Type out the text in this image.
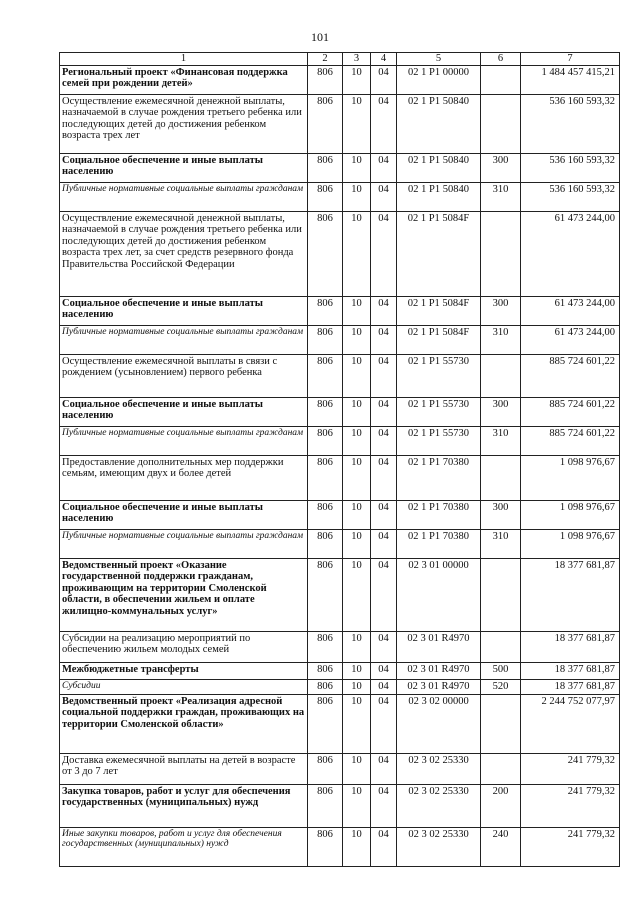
101
1	2	3	4	5	6	7
Региональный проект «Финансовая поддержка семей при рождении детей»	806	10	04	02 1 Р1 00000		1 484 457 415,21
Осуществление ежемесячной денежной выплаты, назначаемой в случае рождения третьего ребенка или последующих детей до достижения ребенком возраста трех лет	806	10	04	02 1 Р1 50840		536 160 593,32
Социальное обеспечение и иные выплаты населению	806	10	04	02 1 Р1 50840	300	536 160 593,32
Публичные нормативные социальные выплаты гражданам	806	10	04	02 1 Р1 50840	310	536 160 593,32
Осуществление ежемесячной денежной выплаты, назначаемой в случае рождения третьего ребенка или последующих детей до достижения ребенком возраста трех лет, за счет средств резервного фонда Правительства Российской Федерации	806	10	04	02 1 Р1 5084F		61 473 244,00
Социальное обеспечение и иные выплаты населению	806	10	04	02 1 Р1 5084F	300	61 473 244,00
Публичные нормативные социальные выплаты гражданам	806	10	04	02 1 Р1 5084F	310	61 473 244,00
Осуществление ежемесячной выплаты в связи с рождением (усыновлением) первого ребенка	806	10	04	02 1 Р1 55730		885 724 601,22
Социальное обеспечение и иные выплаты населению	806	10	04	02 1 Р1 55730	300	885 724 601,22
Публичные нормативные социальные выплаты гражданам	806	10	04	02 1 Р1 55730	310	885 724 601,22
Предоставление дополнительных мер поддержки семьям, имеющим двух и более детей	806	10	04	02 1 Р1 70380		1 098 976,67
Социальное обеспечение и иные выплаты населению	806	10	04	02 1 Р1 70380	300	1 098 976,67
Публичные нормативные социальные выплаты гражданам	806	10	04	02 1 Р1 70380	310	1 098 976,67
Ведомственный проект «Оказание государственной поддержки гражданам, проживающим на территории Смоленской области, в обеспечении жильем и оплате жилищно-коммунальных услуг»	806	10	04	02 3 01 00000		18 377 681,87
Субсидии на реализацию мероприятий по обеспечению жильем молодых семей	806	10	04	02 3 01 R4970		18 377 681,87
Межбюджетные трансферты	806	10	04	02 3 01 R4970	500	18 377 681,87
Субсидии	806	10	04	02 3 01 R4970	520	18 377 681,87
Ведомственный проект «Реализация адресной социальной поддержки граждан, проживающих на территории Смоленской области»	806	10	04	02 3 02 00000		2 244 752 077,97
Доставка ежемесячной выплаты на детей в возрасте от 3 до 7 лет	806	10	04	02 3 02 25330		241 779,32
Закупка товаров, работ и услуг для обеспечения государственных (муниципальных) нужд	806	10	04	02 3 02 25330	200	241 779,32
Иные закупки товаров, работ и услуг для обеспечения государственных (муниципальных) нужд	806	10	04	02 3 02 25330	240	241 779,32
